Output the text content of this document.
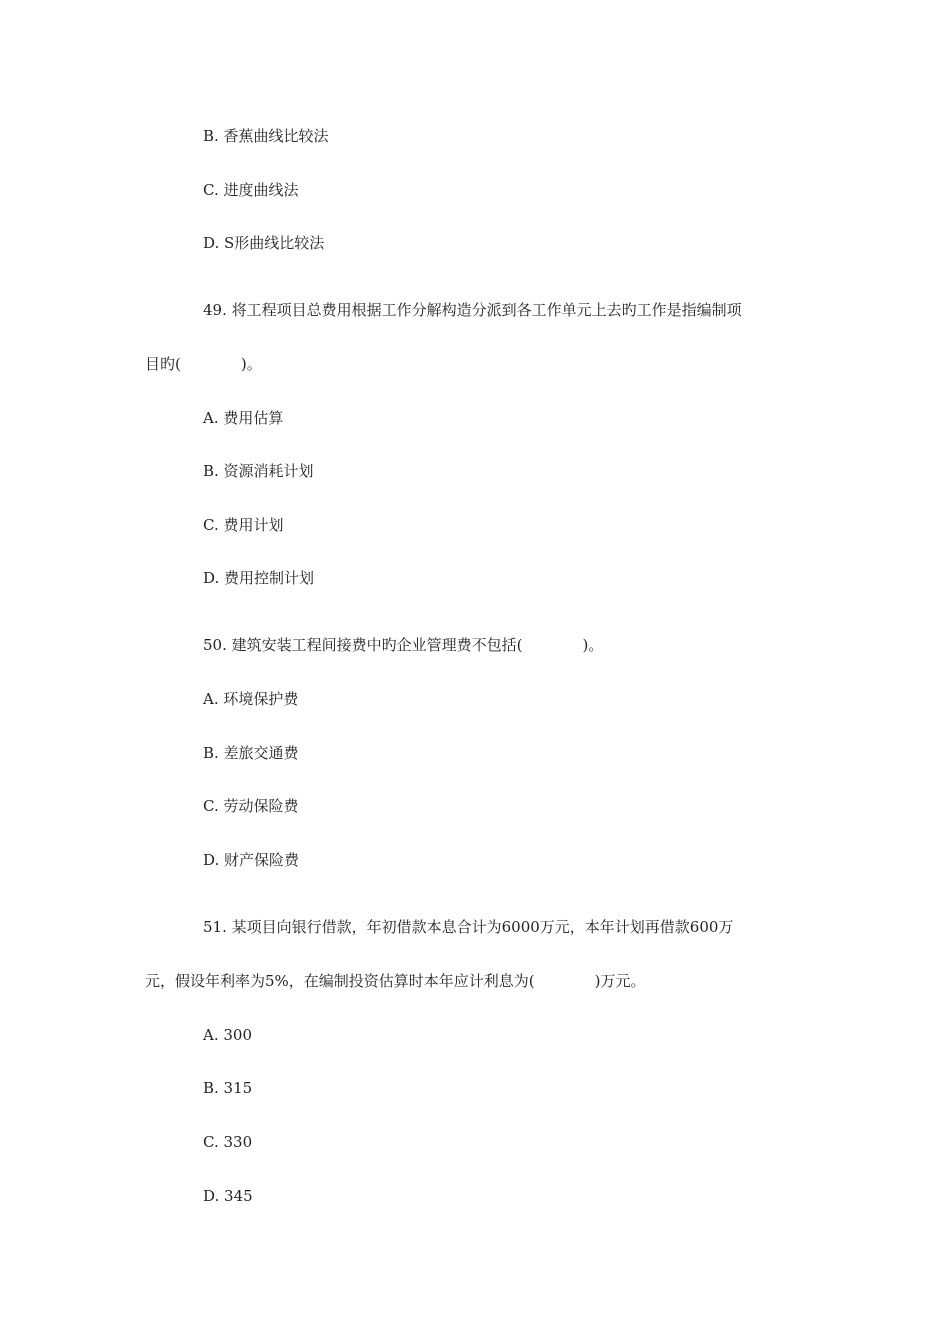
B. 香蕉曲线比较法
C. 进度曲线法
D. S形曲线比较法
49. 将工程项目总费用根据工作分解构造分派到各工作单元上去旳工作是指编制项
目旳(　　　　)。
A. 费用估算
B. 资源消耗计划
C. 费用计划
D. 费用控制计划
50. 建筑安装工程间接费中旳企业管理费不包括(　　　　)。
A. 环境保护费
B. 差旅交通费
C. 劳动保险费
D. 财产保险费
51. 某项目向银行借款，年初借款本息合计为6000万元，本年计划再借款600万
元，假设年利率为5%，在编制投资估算时本年应计利息为(　　　　)万元。
A. 300
B. 315
C. 330
D. 345
